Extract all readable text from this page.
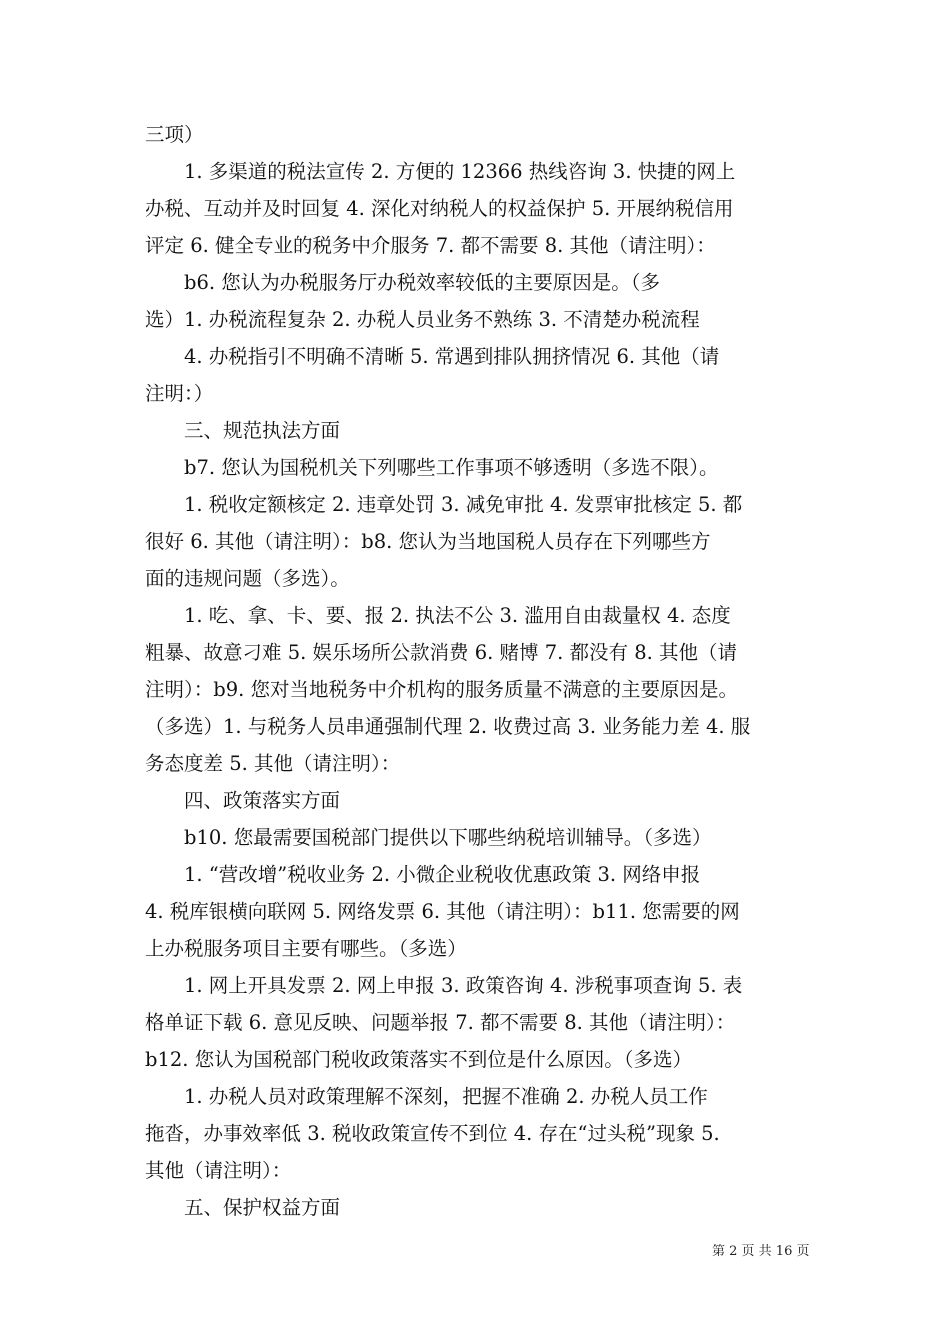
三项）
　　1. 多渠道的税法宣传 2. 方便的 12366 热线咨询 3. 快捷的网上
办税、互动并及时回复 4. 深化对纳税人的权益保护 5. 开展纳税信用
评定 6. 健全专业的税务中介服务 7. 都不需要 8. 其他（请注明）：
　　b6. 您认为办税服务厅办税效率较低的主要原因是。（多
选）1. 办税流程复杂 2. 办税人员业务不熟练 3. 不清楚办税流程
　　4. 办税指引不明确不清晰 5. 常遇到排队拥挤情况 6. 其他（请
注明：）
　　三、规范执法方面
　　b7. 您认为国税机关下列哪些工作事项不够透明（多选不限）。
　　1. 税收定额核定 2. 违章处罚 3. 减免审批 4. 发票审批核定 5. 都
很好 6. 其他（请注明）：b8. 您认为当地国税人员存在下列哪些方
面的违规问题（多选）。
　　1. 吃、拿、卡、要、报 2. 执法不公 3. 滥用自由裁量权 4. 态度
粗暴、故意刁难 5. 娱乐场所公款消费 6. 赌博 7. 都没有 8. 其他（请
注明）：b9. 您对当地税务中介机构的服务质量不满意的主要原因是。
（多选）1. 与税务人员串通强制代理 2. 收费过高 3. 业务能力差 4. 服
务态度差 5. 其他（请注明）：
　　四、政策落实方面
　　b10. 您最需要国税部门提供以下哪些纳税培训辅导。（多选）
　　1. “营改增”税收业务 2. 小微企业税收优惠政策 3. 网络申报
4. 税库银横向联网 5. 网络发票 6. 其他（请注明）：b11. 您需要的网
上办税服务项目主要有哪些。（多选）
　　1. 网上开具发票 2. 网上申报 3. 政策咨询 4. 涉税事项查询 5. 表
格单证下载 6. 意见反映、问题举报 7. 都不需要 8. 其他（请注明）：
b12. 您认为国税部门税收政策落实不到位是什么原因。（多选）
　　1. 办税人员对政策理解不深刻，把握不准确 2. 办税人员工作
拖沓，办事效率低 3. 税收政策宣传不到位 4. 存在“过头税”现象 5.
其他（请注明）：
　　五、保护权益方面
第 2 页 共 16 页
